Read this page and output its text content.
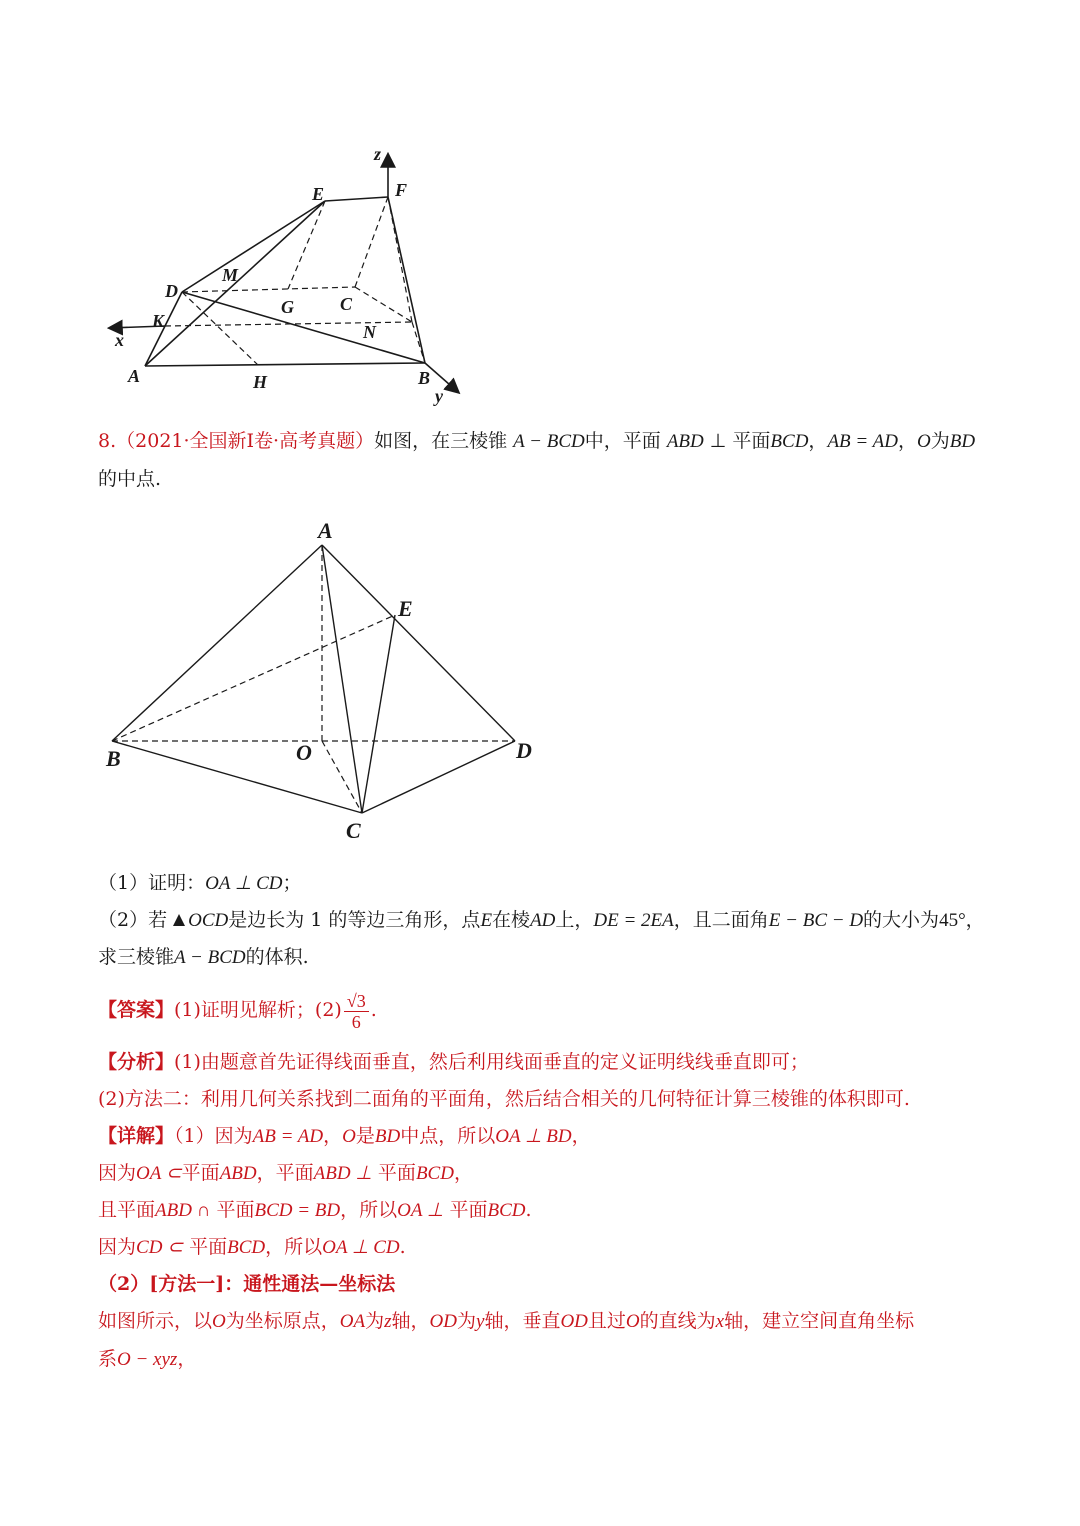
z
E	F
M
D
G	C
K
N
x
A	H	B
y
8.（2021·全国新Ⅰ卷·高考真题）如图，在三棱锥 A − BCD中，平面 ABD ⊥ 平面BCD，AB = AD，O为BD
的中点.
A
E
B	O	D
C
（1）证明：OA ⊥ CD；
（2）若 OCD是边长为 1 的等边三角形，点E在棱AD上，DE = 2EA，且二面角E − BC − D的大小为45°，
求三棱锥A − BCD的体积.
【答案】(1)证明见解析；$(2) \frac{√3}{6}$ .
【分析】(1)由题意首先证得线面垂直，然后利用线面垂直的定义证明线线垂直即可；
(2)方法二：利用几何关系找到二面角的平面角，然后结合相关的几何特征计算三棱锥的体积即可.
【详解】（1）因为AB = AD，O是BD中点，所以OA ⊥ BD，
因为OA ⊂平面ABD，平面ABD ⊥ 平面BCD，
且平面ABD ∩ 平面BCD = BD，所以OA ⊥ 平面BCD.
因为CD ⊂ 平面BCD，所以OA ⊥ CD.
（2）[方法一]：通性通法—坐标法
如图所示，以O为坐标原点，OA为z轴，OD为y轴，垂直OD且过O的直线为x轴，建立空间直角坐标
系O − xyz，
